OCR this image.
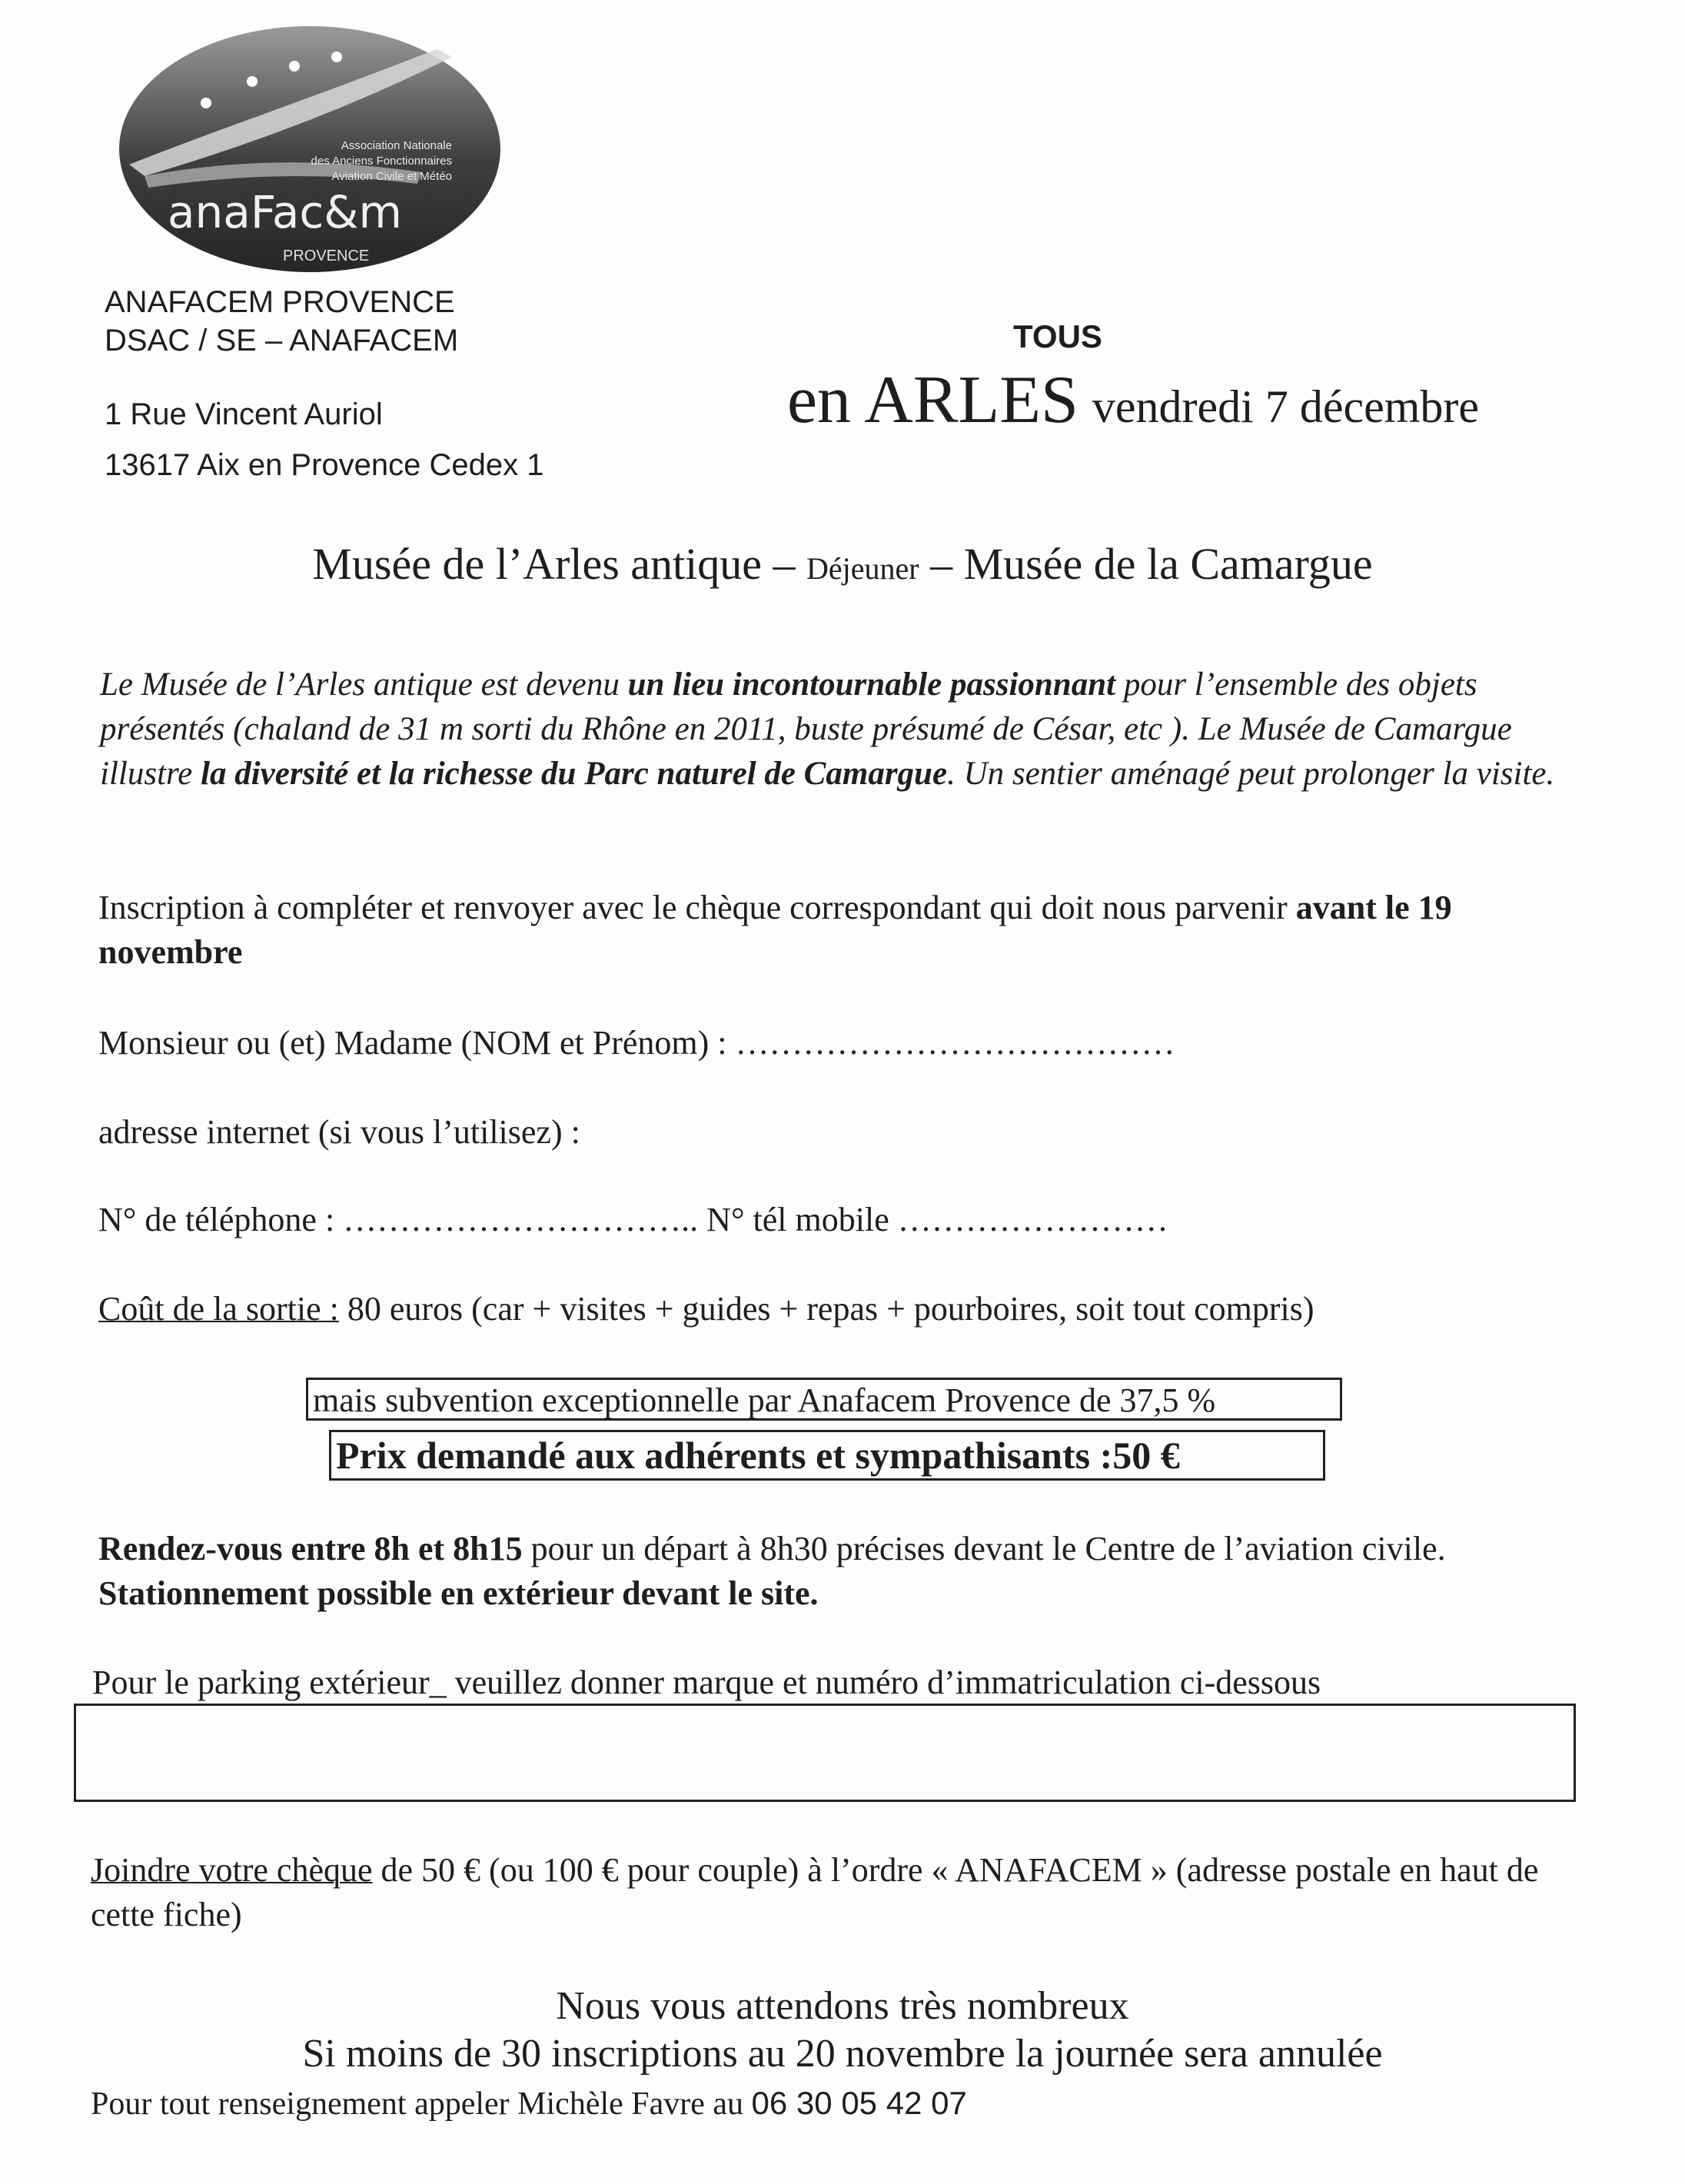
Association Nationale
des Anciens Fonctionnaires
Aviation Civile et Météo
anaFac&m
PROVENCE
ANAFACEM PROVENCE
DSAC / SE – ANAFACEM
1 Rue Vincent Auriol
13617 Aix en Provence Cedex 1
TOUS
en ARLES vendredi 7 décembre
Musée de l’Arles antique – Déjeuner – Musée de la Camargue
Le Musée de l’Arles antique est devenu un lieu incontournable passionnant pour l’ensemble des objets présentés (chaland de 31 m sorti du Rhône en 2011, buste présumé de César, etc ). Le Musée de Camargue illustre la diversité et la richesse du Parc naturel de Camargue. Un sentier aménagé peut prolonger la visite.
Inscription à compléter et renvoyer avec le chèque correspondant qui doit nous parvenir avant le 19 novembre
Monsieur ou (et) Madame (NOM et Prénom) : …………………………………
adresse internet (si vous l’utilisez) :
N° de téléphone : ………………………….. N° tél mobile ……………………
Coût de la sortie : 80 euros (car + visites + guides + repas + pourboires, soit tout compris)
mais subvention exceptionnelle par Anafacem Provence de 37,5 %
Prix demandé aux adhérents et sympathisants :50 €
Rendez-vous entre 8h et 8h15 pour un départ à 8h30 précises devant le Centre de l’aviation civile. Stationnement possible en extérieur devant le site.
Pour le parking extérieur_ veuillez donner marque et numéro d’immatriculation ci-dessous
Joindre votre chèque de 50 € (ou 100 € pour couple) à l’ordre « ANAFACEM » (adresse postale en haut de cette fiche)
Nous vous attendons très nombreux
Si moins de 30 inscriptions au 20 novembre la journée sera annulée
Pour tout renseignement appeler Michèle Favre au 06 30 05 42 07
